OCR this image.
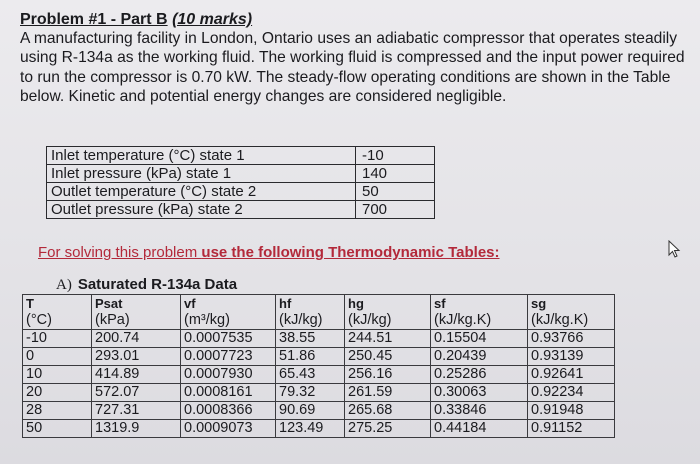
Problem #1 - Part B (10 marks)

A manufacturing facility in London, Ontario uses an adiabatic compressor that operates steadily using R-134a as the working fluid. The working fluid is compressed and the input power required to run the compressor is 0.70 kW. The steady-flow operating conditions are shown in the Table below. Kinetic and potential energy changes are considered negligible.

Inlet temperature (°C) state 1	-10
Inlet pressure (kPa) state 1	140
Outlet temperature (°C) state 2	50
Outlet pressure (kPa) state 2	700
For solving this problem use the following Thermodynamic Tables:
A) Saturated R-134a Data
T	Psat	vf	hf	hg	sf	sg
(°C)	(kPa)	(m³/kg)	(kJ/kg)	(kJ/kg)	(kJ/kg.K)	(kJ/kg.K)
-10	200.74	0.0007535	38.55	244.51	0.15504	0.93766
0	293.01	0.0007723	51.86	250.45	0.20439	0.93139
10	414.89	0.0007930	65.43	256.16	0.25286	0.92641
20	572.07	0.0008161	79.32	261.59	0.30063	0.92234
28	727.31	0.0008366	90.69	265.68	0.33846	0.91948
50	1319.9	0.0009073	123.49	275.25	0.44184	0.91152
